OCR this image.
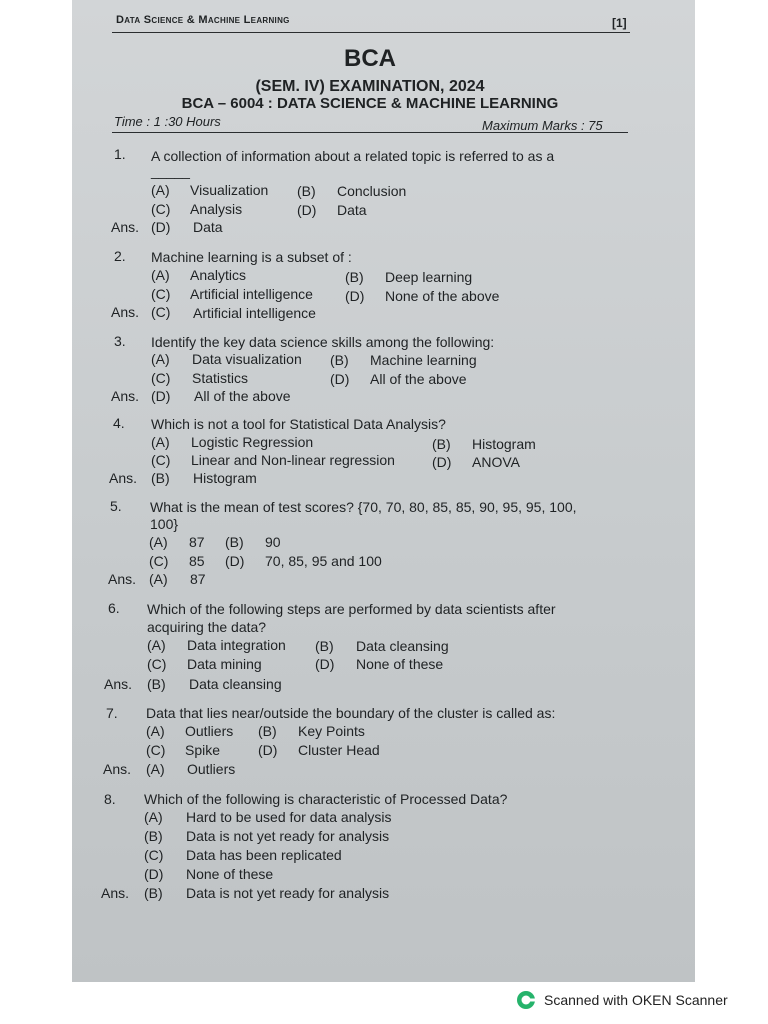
Data Science & Machine Learning	[1]
BCA
(SEM. IV) EXAMINATION, 2024
BCA – 6004 : DATA SCIENCE & MACHINE LEARNING
Time : 1 :30 Hours	Maximum Marks : 75
1. A collection of information about a related topic is referred to as a
_____
(A) Visualization (B) Conclusion
(C) Analysis	(D) Data
Ans. (D) Data
2. Machine learning is a subset of :
(A) Analytics	(B) Deep learning
(C) Artificial intelligence (D) None of the above
Ans. (C) Artificial intelligence
3. Identify the key data science skills among the following:
(A) Data visualization (B) Machine learning
(C) Statistics	(D) All of the above
Ans. (D) All of the above
4. Which is not a tool for Statistical Data Analysis?
(A) Logistic Regression	(B) Histogram
(C) Linear and Non-linear regression	(D) ANOVA
Ans. (B) Histogram
5. What is the mean of test scores? {70, 70, 80, 85, 85, 90, 95, 95, 100,
100}
(A) 87 (B) 90
(C) 85 (D) 70, 85, 95 and 100
Ans. (A) 87
6. Which of the following steps are performed by data scientists after
acquiring the data?
(A) Data integration (B) Data cleansing
(C) Data mining	(D) None of these
Ans. (B) Data cleansing
7. Data that lies near/outside the boundary of the cluster is called as:
(A) Outliers (B) Key Points
(C) Spike	(D) Cluster Head
Ans. (A) Outliers
8. Which of the following is characteristic of Processed Data?
(A) Hard to be used for data analysis
(B) Data is not yet ready for analysis
(C) Data has been replicated
(D) None of these
Ans. (B) Data is not yet ready for analysis
Scanned with OKEN Scanner
